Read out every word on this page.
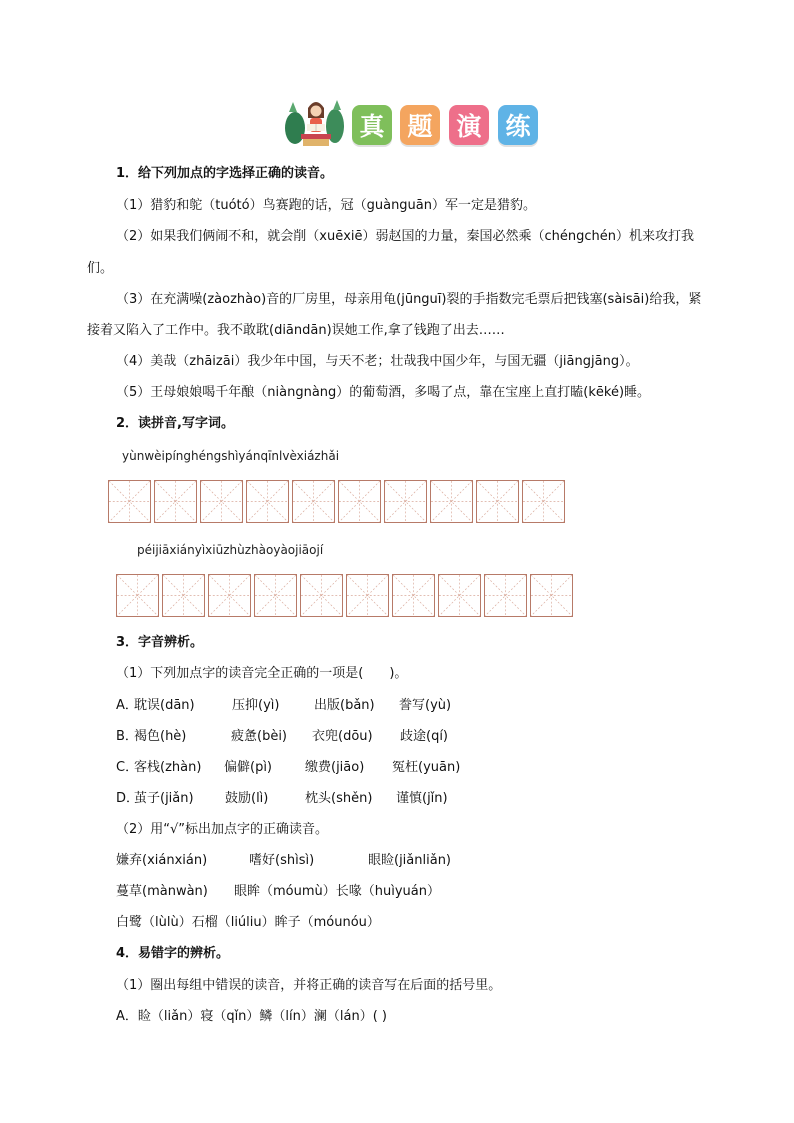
真 题 演 练
1．给下列加点的字选择正确的读音。
（1）猎豹和鸵（tuótó）鸟赛跑的话，冠（guànguān）军一定是猎豹。
（2）如果我们俩闹不和，就会削（xuēxiē）弱赵国的力量，秦国必然乘（chéngchén）机来攻打我
们。
（3）在充满噪(zàozhào)音的厂房里，母亲用龟(jūnguī)裂的手指数完毛票后把钱塞(sàisāi)给我，紧
接着又陷入了工作中。我不敢耽(diāndān)误她工作,拿了钱跑了出去……
（4）美哉（zhāizāi）我少年中国，与天不老；壮哉我中国少年，与国无疆（jiāngjāng）。
（5）王母娘娘喝千年酿（niàngnàng）的葡萄酒，多喝了点，靠在宝座上直打瞌(kēké)睡。
2．读拼音,写字词。
yùnwèipínghéngshìyánqīnlvèxiázhǎi
péijiāxiányìxiūzhùzhàoyàojiāojí
3．字音辨析。
（1）下列加点字的读音完全正确的一项是(　　)。
A．
耽误(dān)	压抑(yì)	出版(bǎn) 誊写(yù)
B．
褐色(hè)	疲惫(bèi) 衣兜(dōu) 歧途(qí)
C．
客栈(zhàn) 偏僻(pì)	缴费(jiāo) 冤枉(yuān)
D．
茧子(jiǎn) 鼓励(lì)	枕头(shěn) 谨慎(jǐn)
（2）用“√”标出加点字的正确读音。
嫌弃(xiánxián)	嗜好(shìsì)	眼睑(jiǎnliǎn)
蔓草(mànwàn) 眼眸（móumù）长喙（huìyuán）
白鹭（lùlù）石榴（liúliu）眸子（móunóu）
4．易错字的辨析。
（1）圈出每组中错误的读音，并将正确的读音写在后面的括号里。
A．睑（liǎn）寝（qǐn）鳞（lín）澜（lán）( )
